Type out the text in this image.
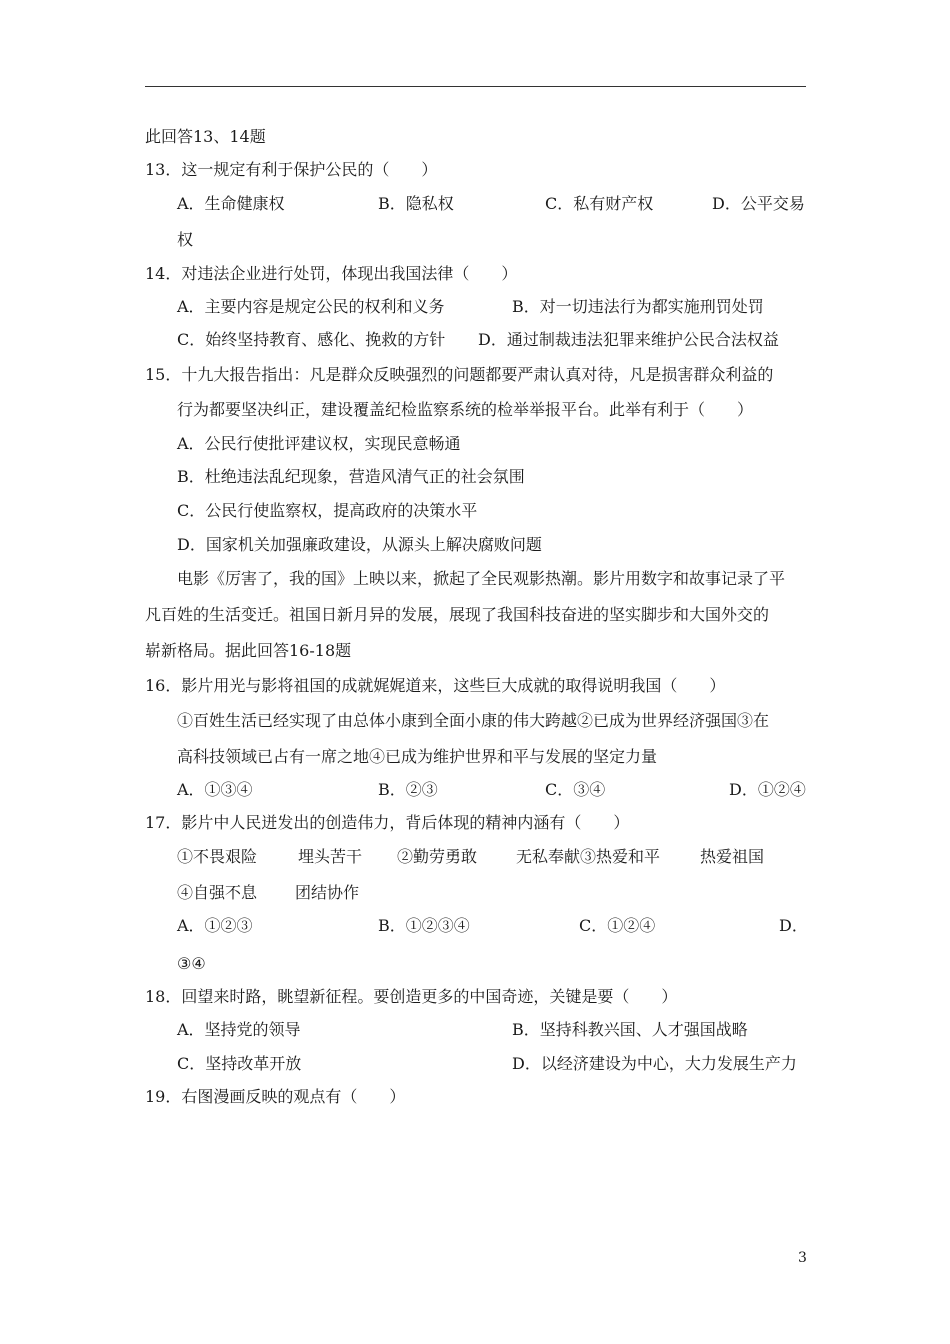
此回答13、14题
13．这一规定有利于保护公民的（　　）
A．生命健康权	B．隐私权	C．私有财产权	D．公平交易
权
14．对违法企业进行处罚，体现出我国法律（　　）
A．主要内容是规定公民的权利和义务	B．对一切违法行为都实施刑罚处罚
C．始终坚持教育、感化、挽救的方针 D．通过制裁违法犯罪来维护公民合法权益
15．十九大报告指出：凡是群众反映强烈的问题都要严肃认真对待，凡是损害群众利益的
行为都要坚决纠正，建设覆盖纪检监察系统的检举举报平台。此举有利于（　　）
A．公民行使批评建议权，实现民意畅通
B．杜绝违法乱纪现象，营造风清气正的社会氛围
C．公民行使监察权，提高政府的决策水平
D．国家机关加强廉政建设，从源头上解决腐败问题
电影《厉害了，我的国》上映以来，掀起了全民观影热潮。影片用数字和故事记录了平
凡百姓的生活变迁。祖国日新月异的发展，展现了我国科技奋进的坚实脚步和大国外交的
崭新格局。据此回答16-18题
16．影片用光与影将祖国的成就娓娓道来，这些巨大成就的取得说明我国（　　）
①百姓生活已经实现了由总体小康到全面小康的伟大跨越②已成为世界经济强国③在
高科技领域已占有一席之地④已成为维护世界和平与发展的坚定力量
A．①③④	B．②③	C．③④	D．①②④
17．影片中人民迸发出的创造伟力，背后体现的精神内涵有（　　）
①不畏艰险	埋头苦干 ②勤劳勇敢 无私奉献③热爱和平 热爱祖国
④自强不息 团结协作
A．①②③	B．①②③④	C．①②④	D．
③④
18．回望来时路，眺望新征程。要创造更多的中国奇迹，关键是要（　　）
A．坚持党的领导	B．坚持科教兴国、人才强国战略
C．坚持改革开放	D．以经济建设为中心，大力发展生产力
19．右图漫画反映的观点有（　　）
3
